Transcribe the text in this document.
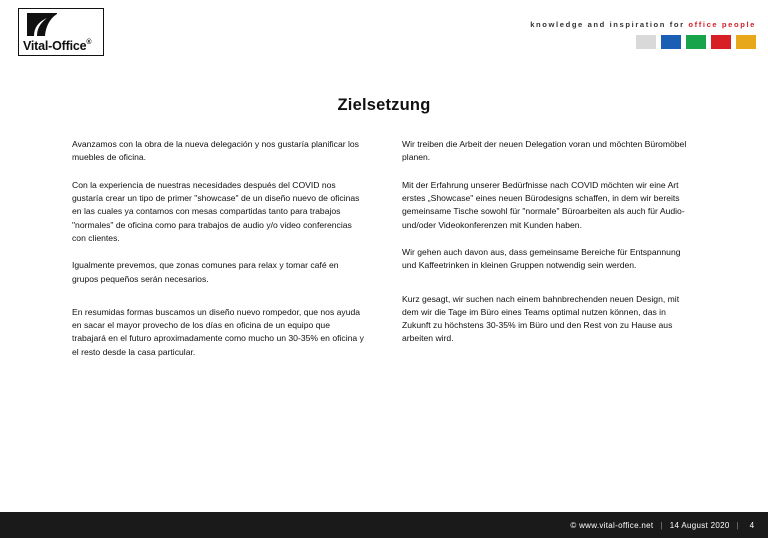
Vital-Office®
knowledge and inspiration for office people
Zielsetzung

Avanzamos con la obra de la nueva delegación y nos gustaría planificar los muebles de oficina.

Con la experiencia de nuestras necesidades después del COVID nos gustaría crear un tipo de primer "showcase" de un diseño nuevo de oficinas en las cuales ya contamos con mesas compartidas tanto para trabajos "normales" de oficina como para trabajos de audio y/o video conferencias con clientes.

Igualmente prevemos, que zonas comunes para relax y tomar café en grupos pequeños serán necesarios.

En resumidas formas buscamos un diseño nuevo rompedor, que nos ayuda en sacar el mayor provecho de los días en oficina de un equipo que trabajará en el futuro aproximadamente como mucho un 30-35% en oficina y el resto desde la casa particular.

Wir treiben die Arbeit der neuen Delegation voran und möchten Büromöbel planen.

Mit der Erfahrung unserer Bedürfnisse nach COVID möchten wir eine Art erstes „Showcase" eines neuen Bürodesigns schaffen, in dem wir bereits gemeinsame Tische sowohl für "normale" Büroarbeiten als auch für Audio- und/oder Videokonferenzen mit Kunden haben.

Wir gehen auch davon aus, dass gemeinsame Bereiche für Entspannung und Kaffeetrinken in kleinen Gruppen notwendig sein werden.

Kurz gesagt, wir suchen nach einem bahnbrechenden neuen Design, mit dem wir die Tage im Büro eines Teams optimal nutzen können, das in Zukunft zu höchstens 30-35% im Büro und den Rest von zu Hause aus arbeiten wird.

© www.vital-office.net | 14 August 2020 |	4
